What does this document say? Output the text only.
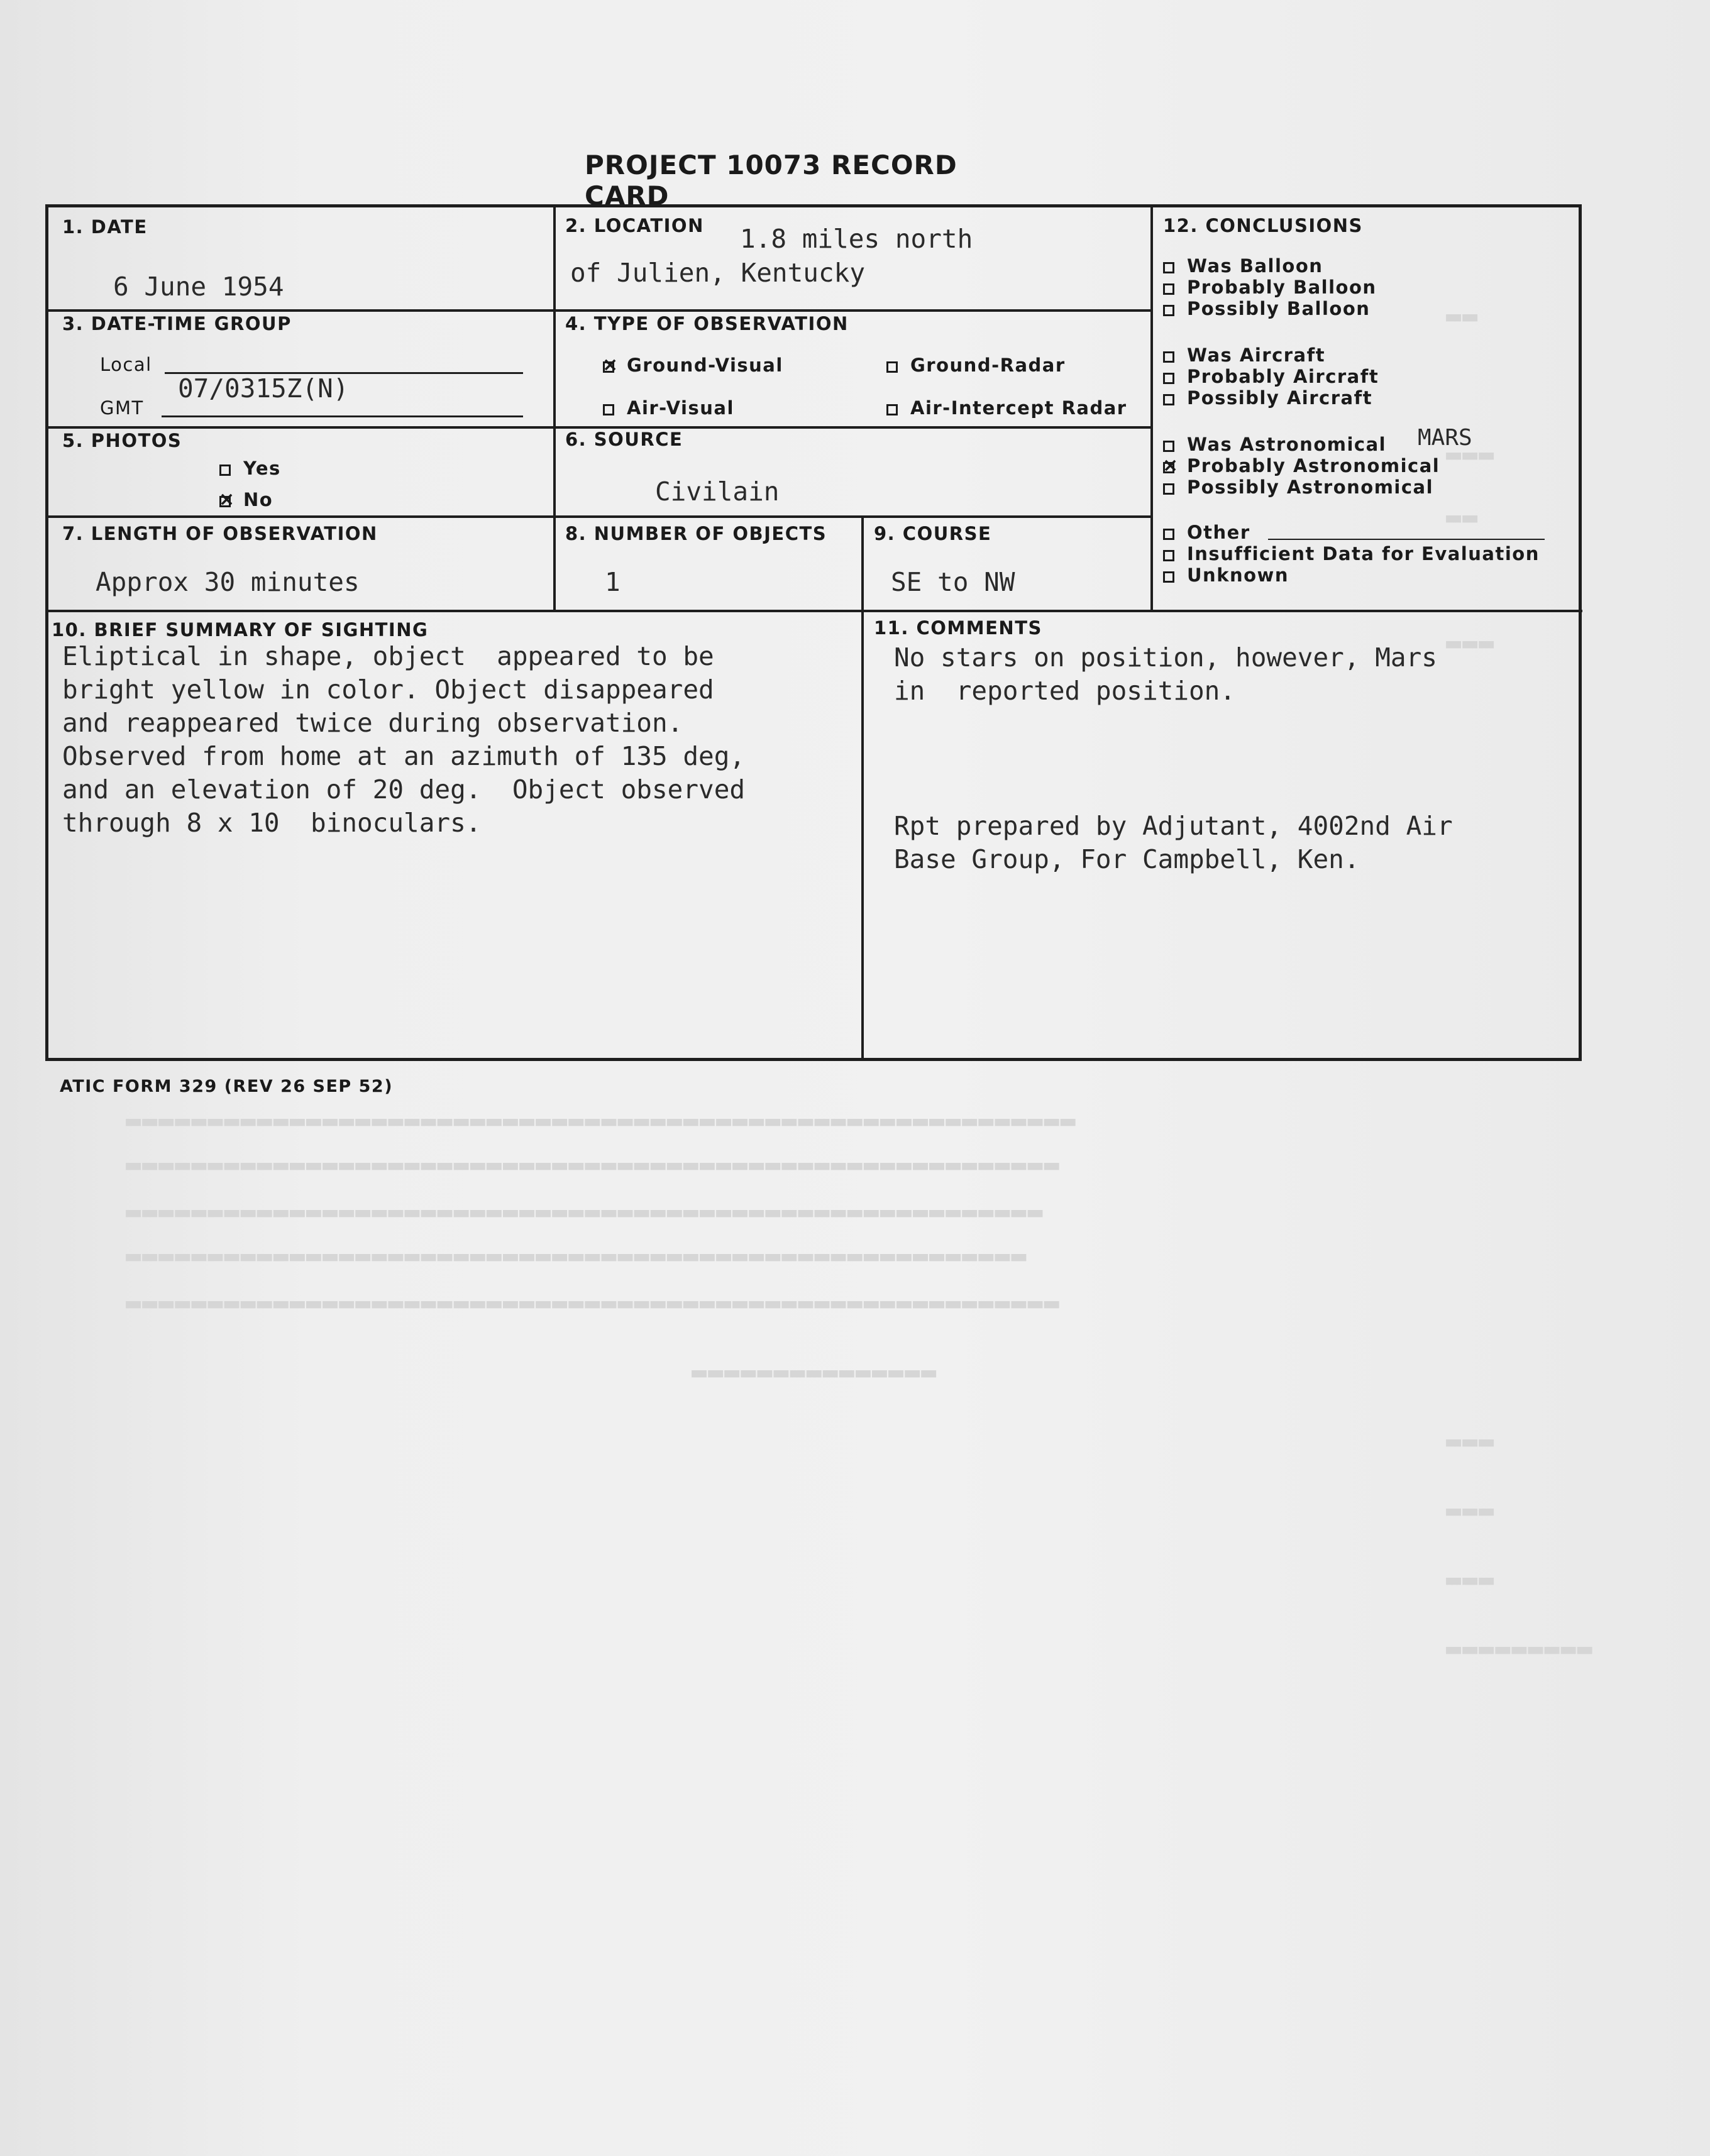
▬▬
▬▬▬
▬▬
▬▬▬
▬▬▬▬▬▬▬▬▬▬▬▬▬▬▬▬▬▬▬▬▬▬▬▬▬▬▬▬▬▬▬▬▬▬▬▬▬▬▬▬▬▬▬▬▬▬▬▬▬▬▬▬▬▬▬▬▬▬
▬▬▬▬▬▬▬▬▬▬▬▬▬▬▬▬▬▬▬▬▬▬▬▬▬▬▬▬▬▬▬▬▬▬▬▬▬▬▬▬▬▬▬▬▬▬▬▬▬▬▬▬▬▬▬▬▬
▬▬▬▬▬▬▬▬▬▬▬▬▬▬▬▬▬▬▬▬▬▬▬▬▬▬▬▬▬▬▬▬▬▬▬▬▬▬▬▬▬▬▬▬▬▬▬▬▬▬▬▬▬▬▬▬
▬▬▬▬▬▬▬▬▬▬▬▬▬▬▬▬▬▬▬▬▬▬▬▬▬▬▬▬▬▬▬▬▬▬▬▬▬▬▬▬▬▬▬▬▬▬▬▬▬▬▬▬▬▬▬
▬▬▬▬▬▬▬▬▬▬▬▬▬▬▬▬▬▬▬▬▬▬▬▬▬▬▬▬▬▬▬▬▬▬▬▬▬▬▬▬▬▬▬▬▬▬▬▬▬▬▬▬▬▬▬▬▬
▬▬▬▬▬▬▬▬▬▬▬▬▬▬▬
▬▬▬
▬▬▬
▬▬▬
▬▬▬▬▬▬▬▬▬
PROJECT 10073 RECORD CARD
1. DATE
6 June 1954
2. LOCATION 1.8 miles north
of Julien, Kentucky
3. DATE-TIME GROUP
Local
07/0315Z(N)
GMT
4. TYPE OF OBSERVATION
×Ground-Visual	Ground-Radar
Air-Visual	Air-Intercept Radar
5. PHOTOS
Yes
×No
6. SOURCE
Civilain
7. LENGTH OF OBSERVATION
Approx 30 minutes
8. NUMBER OF OBJECTS
1
9. COURSE
SE to NW
12. CONCLUSIONS
Was Balloon
Probably Balloon
Possibly Balloon
Was Aircraft
Probably Aircraft
Possibly Aircraft
Was Astronomical MARS
×Probably Astronomical
Possibly Astronomical
Other
Insufficient Data for Evaluation
Unknown
10. BRIEF SUMMARY OF SIGHTING
Eliptical in shape, object  appeared to be
bright yellow in color. Object disappeared
and reappeared twice during observation.
Observed from home at an azimuth of 135 deg,
and an elevation of 20 deg.  Object observed
through 8 x 10  binoculars.
11. COMMENTS
No stars on position, however, Mars
in  reported position.
Rpt prepared by Adjutant, 4002nd Air
Base Group, For Campbell, Ken.
ATIC FORM 329 (REV 26 SEP 52)
